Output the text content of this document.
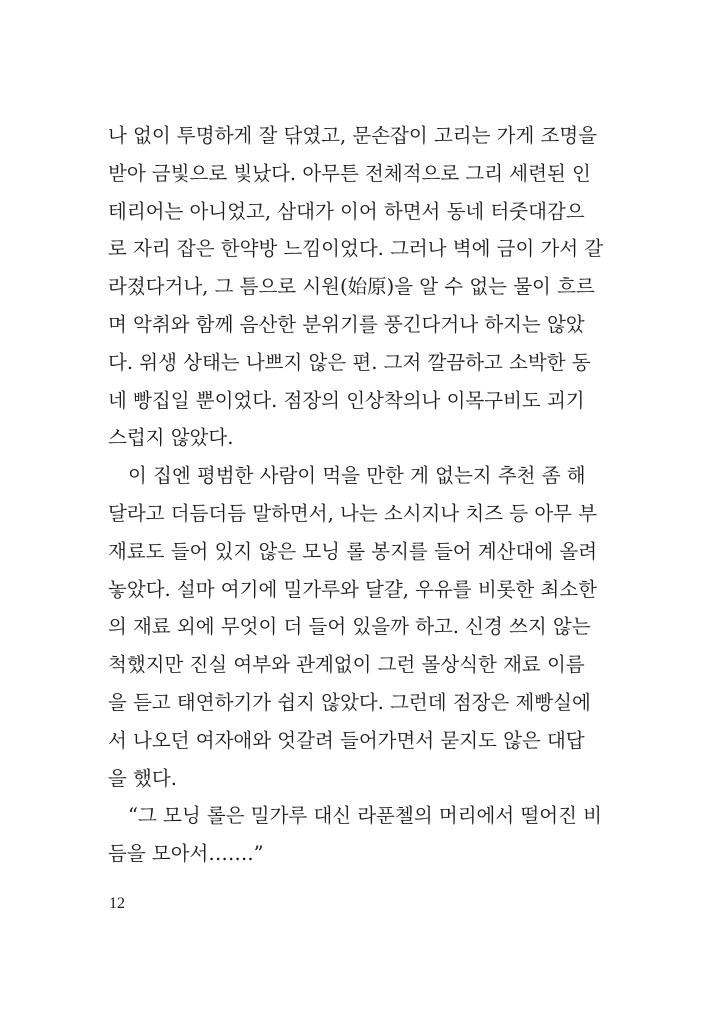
나 없이 투명하게 잘 닦였고, 문손잡이 고리는 가게 조명을
받아 금빛으로 빛났다. 아무튼 전체적으로 그리 세련된 인
테리어는 아니었고, 삼대가 이어 하면서 동네 터줏대감으
로 자리 잡은 한약방 느낌이었다. 그러나 벽에 금이 가서 갈
라졌다거나, 그 틈으로 시원(始原)을 알 수 없는 물이 흐르
며 악취와 함께 음산한 분위기를 풍긴다거나 하지는 않았
다. 위생 상태는 나쁘지 않은 편. 그저 깔끔하고 소박한 동
네 빵집일 뿐이었다. 점장의 인상착의나 이목구비도 괴기
스럽지 않았다.
이 집엔 평범한 사람이 먹을 만한 게 없는지 추천 좀 해
달라고 더듬더듬 말하면서, 나는 소시지나 치즈 등 아무 부
재료도 들어 있지 않은 모닝 롤 봉지를 들어 계산대에 올려
놓았다. 설마 여기에 밀가루와 달걀, 우유를 비롯한 최소한
의 재료 외에 무엇이 더 들어 있을까 하고. 신경 쓰지 않는
척했지만 진실 여부와 관계없이 그런 몰상식한 재료 이름
을 듣고 태연하기가 쉽지 않았다. 그런데 점장은 제빵실에
서 나오던 여자애와 엇갈려 들어가면서 묻지도 않은 대답
을 했다.
“그 모닝 롤은 밀가루 대신 라푼첼의 머리에서 떨어진 비
듬을 모아서…….”
12
